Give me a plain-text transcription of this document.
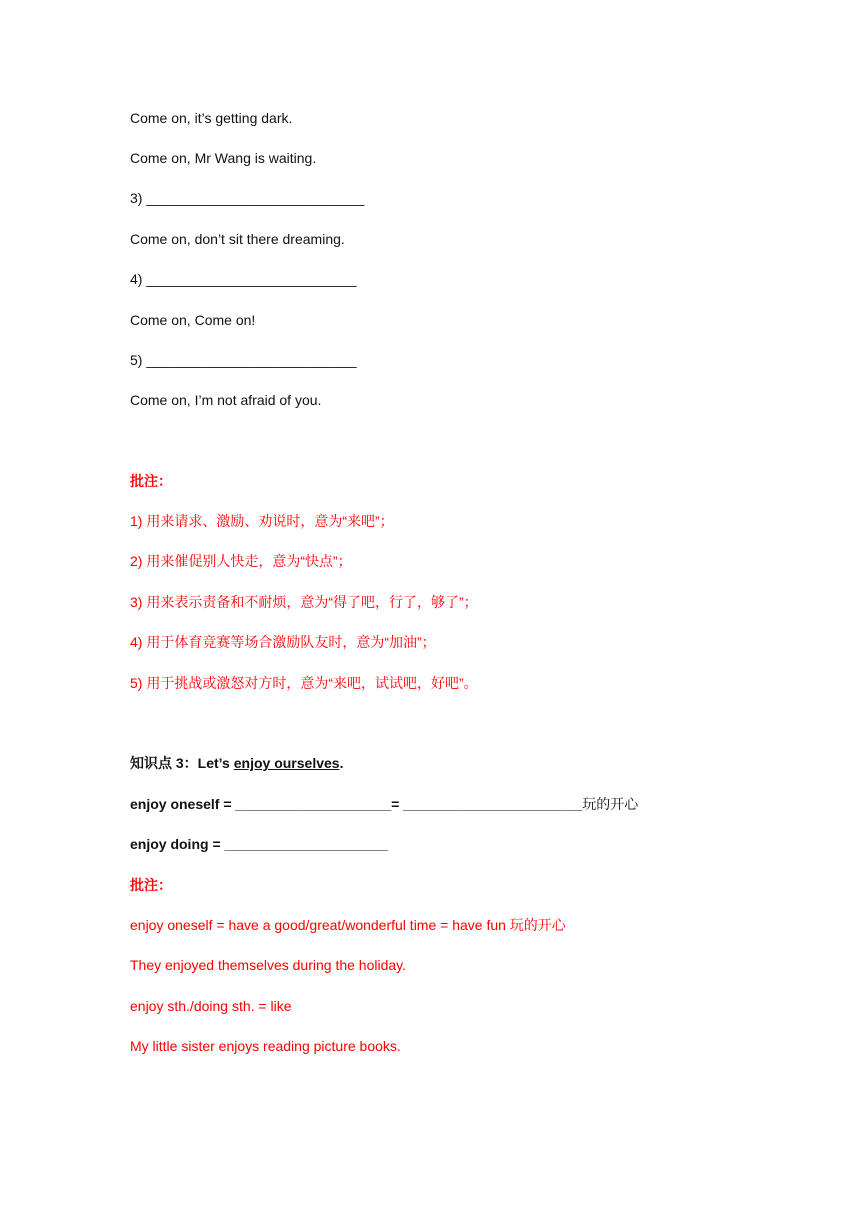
Come on, it’s getting dark.
Come on, Mr Wang is waiting.
3) ____________________________
Come on, don’t sit there dreaming.
4) ___________________________
Come on, Come on!
5) ___________________________
Come on, I’m not afraid of you.
批注：
1) 用来请求、激励、劝说时，意为“来吧”；
2) 用来催促别人快走，意为“快点”；
3) 用来表示责备和不耐烦，意为“得了吧，行了，够了”；
4) 用于体育竞赛等场合激励队友时，意为“加油”；
5) 用于挑战或激怒对方时，意为“来吧，试试吧，好吧”。
知识点 3：Let’s enjoy ourselves.
enjoy oneself = ____________________= _______________________玩的开心
enjoy doing = _____________________
批注：
enjoy oneself = have a good/great/wonderful time = have fun 玩的开心
They enjoyed themselves during the holiday.
enjoy sth./doing sth. = like
My little sister enjoys reading picture books.
